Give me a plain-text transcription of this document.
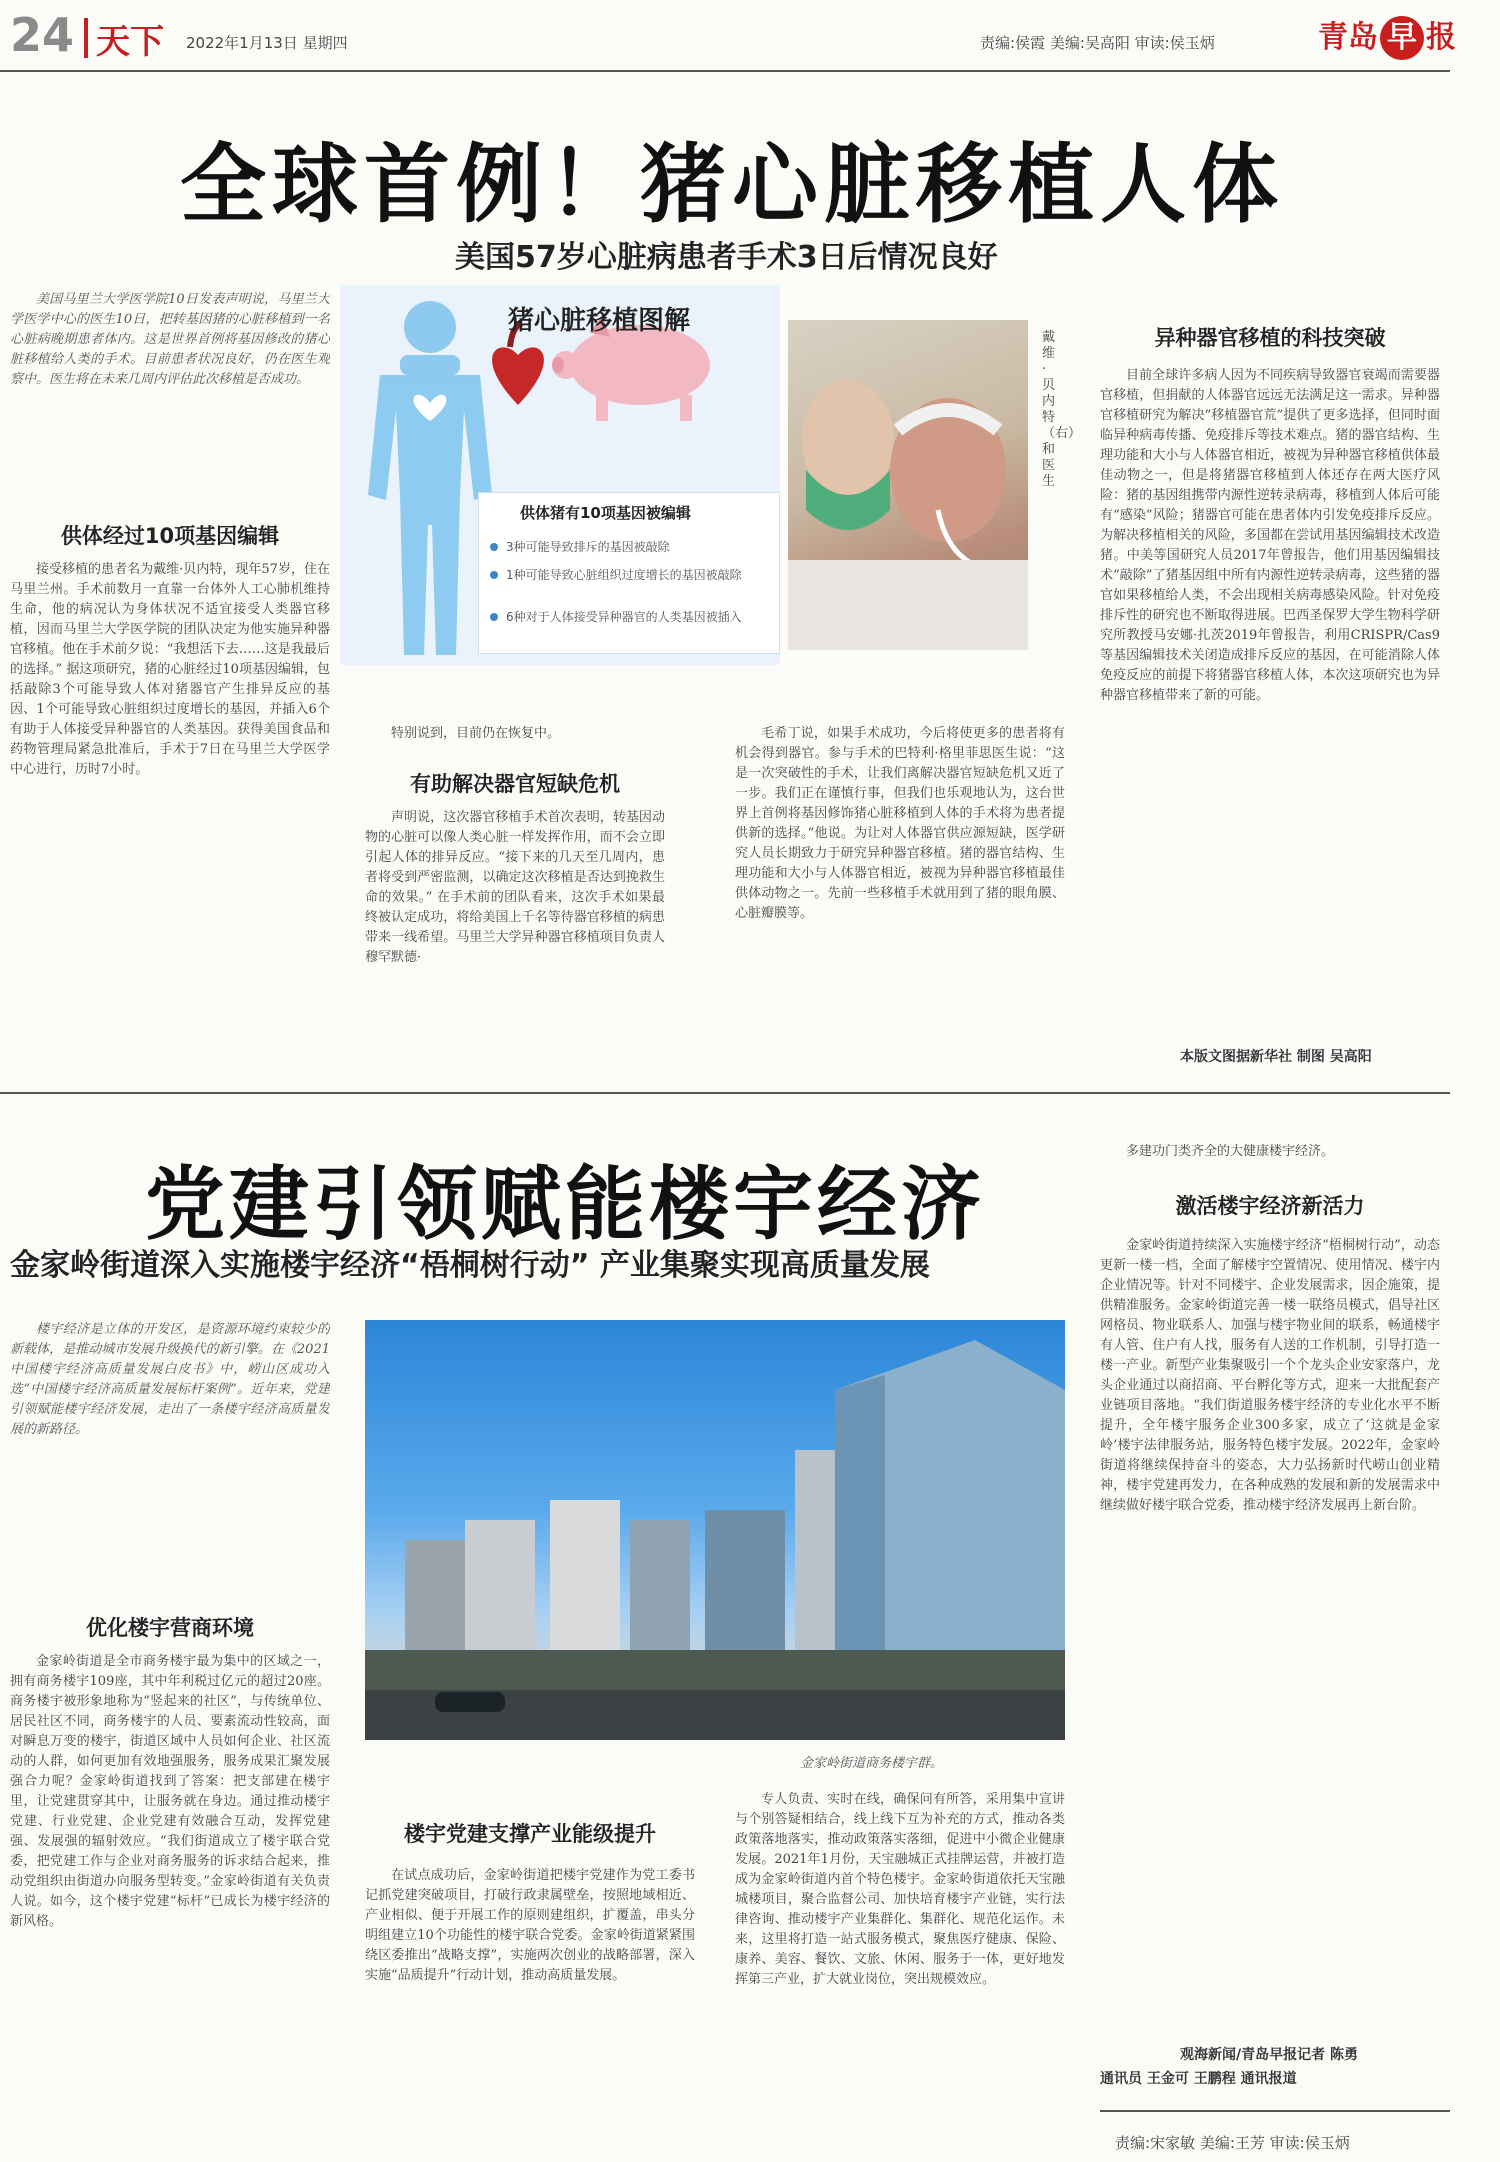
24 天下 2022年1月13日 星期四	责编:侯霞 美编:吴高阳 审读:侯玉炳	青岛 早 报
全球首例！猪心脏移植人体
美国57岁心脏病患者手术3日后情况良好

美国马里兰大学医学院10日发表声明说，马里兰大学医学中心的医生10日，把转基因猪的心脏移植到一名心脏病晚期患者体内。这是世界首例将基因修改的猪心脏移植给人类的手术。目前患者状况良好，仍在医生观察中。医生将在未来几周内评估此次移植是否成功。

供体经过10项基因编辑

接受移植的患者名为戴维·贝内特，现年57岁，住在马里兰州。手术前数月一直靠一台体外人工心肺机维持生命，他的病况认为身体状况不适宜接受人类器官移植，因而马里兰大学医学院的团队决定为他实施异种器官移植。他在手术前夕说：“我想活下去……这是我最后的选择。” 据这项研究，猪的心脏经过10项基因编辑，包括敲除3个可能导致人体对猪器官产生排异反应的基因、1个可能导致心脏组织过度增长的基因，并插入6个有助于人体接受异种器官的人类基因。获得美国食品和药物管理局紧急批准后，手术于7日在马里兰大学医学中心进行，历时7小时。

猪心脏移植图解
供体猪有10项基因被编辑
3种可能导致排斥的基因被敲除
1种可能导致心脏组织过度增长的基因被敲除
6种对于人体接受异种器官的人类基因被插入
戴维·贝内特（右）和医生

特别说到，目前仍在恢复中。

有助解决器官短缺危机

声明说，这次器官移植手术首次表明，转基因动物的心脏可以像人类心脏一样发挥作用，而不会立即引起人体的排异反应。“接下来的几天至几周内，患者将受到严密监测，以确定这次移植是否达到挽救生命的效果。” 在手术前的团队看来，这次手术如果最终被认定成功，将给美国上千名等待器官移植的病患带来一线希望。马里兰大学异种器官移植项目负责人穆罕默德·

毛希丁说，如果手术成功，今后将使更多的患者将有机会得到器官。参与手术的巴特利·格里菲思医生说：“这是一次突破性的手术，让我们离解决器官短缺危机又近了一步。我们正在谨慎行事，但我们也乐观地认为，这台世界上首例将基因修饰猪心脏移植到人体的手术将为患者提供新的选择。”他说。为让对人体器官供应源短缺，医学研究人员长期致力于研究异种器官移植。猪的器官结构、生理功能和大小与人体器官相近，被视为异种器官移植最佳供体动物之一。先前一些移植手术就用到了猪的眼角膜、心脏瓣膜等。

异种器官移植的科技突破

目前全球许多病人因为不同疾病导致器官衰竭而需要器官移植，但捐献的人体器官远远无法满足这一需求。异种器官移植研究为解决“移植器官荒”提供了更多选择，但同时面临异种病毒传播、免疫排斥等技术难点。猪的器官结构、生理功能和大小与人体器官相近，被视为异种器官移植供体最佳动物之一，但是将猪器官移植到人体还存在两大医疗风险：猪的基因组携带内源性逆转录病毒，移植到人体后可能有“感染”风险；猪器官可能在患者体内引发免疫排斥反应。为解决移植相关的风险，多国都在尝试用基因编辑技术改造猪。中美等国研究人员2017年曾报告，他们用基因编辑技术“敲除”了猪基因组中所有内源性逆转录病毒，这些猪的器官如果移植给人类，不会出现相关病毒感染风险。针对免疫排斥性的研究也不断取得进展。巴西圣保罗大学生物科学研究所教授马安娜·扎茨2019年曾报告，利用CRISPR/Cas9等基因编辑技术关闭造成排斥反应的基因，在可能消除人体免疫反应的前提下将猪器官移植人体，本次这项研究也为异种器官移植带来了新的可能。

本版文图据新华社 制图 吴高阳
党建引领赋能楼宇经济
金家岭街道深入实施楼宇经济“梧桐树行动” 产业集聚实现高质量发展

楼宇经济是立体的开发区，是资源环境约束较少的新载体，是推动城市发展升级换代的新引擎。在《2021中国楼宇经济高质量发展白皮书》中，崂山区成功入选“中国楼宇经济高质量发展标杆案例”。近年来，党建引领赋能楼宇经济发展，走出了一条楼宇经济高质量发展的新路径。

优化楼宇营商环境

金家岭街道是全市商务楼宇最为集中的区域之一，拥有商务楼宇109座，其中年利税过亿元的超过20座。商务楼宇被形象地称为“竖起来的社区”，与传统单位、居民社区不同，商务楼宇的人员、要素流动性较高，面对瞬息万变的楼宇，街道区域中人员如何企业、社区流动的人群，如何更加有效地强服务，服务成果汇聚发展强合力呢？金家岭街道找到了答案：把支部建在楼宇里，让党建贯穿其中，让服务就在身边。通过推动楼宇党建、行业党建、企业党建有效融合互动，发挥党建强、发展强的辐射效应。“我们街道成立了楼宇联合党委，把党建工作与企业对商务服务的诉求结合起来，推动党组织由街道办向服务型转变。”金家岭街道有关负责人说。如今，这个楼宇党建“标杆”已成长为楼宇经济的新风格。

金家岭街道商务楼宇群。
楼宇党建支撑产业能级提升

在试点成功后，金家岭街道把楼宇党建作为党工委书记抓党建突破项目，打破行政隶属壁垒，按照地域相近、产业相似、便于开展工作的原则建组织，扩覆盖，串头分明组建立10个功能性的楼宇联合党委。金家岭街道紧紧围绕区委推出“战略支撑”，实施两次创业的战略部署，深入实施“品质提升”行动计划，推动高质量发展。

专人负责、实时在线，确保问有所答，采用集中宣讲与个别答疑相结合，线上线下互为补充的方式，推动各类政策落地落实，推动政策落实落细，促进中小微企业健康发展。2021年1月份，天宝融城正式挂牌运营，并被打造成为金家岭街道内首个特色楼宇。金家岭街道依托天宝融城楼项目，聚合监督公司、加快培育楼宇产业链，实行法律咨询、推动楼宇产业集群化、集群化、规范化运作。未来，这里将打造一站式服务模式，聚焦医疗健康、保险、康养、美容、餐饮、文旅、休闲、服务于一体，更好地发挥第三产业，扩大就业岗位，突出规模效应。

多建功门类齐全的大健康楼宇经济。

激活楼宇经济新活力

金家岭街道持续深入实施楼宇经济“梧桐树行动”，动态更新一楼一档，全面了解楼宇空置情况、使用情况、楼宇内企业情况等。针对不同楼宇、企业发展需求，因企施策，提供精准服务。金家岭街道完善一楼一联络员模式，倡导社区网格员、物业联系人、加强与楼宇物业间的联系，畅通楼宇有人管、住户有人找，服务有人送的工作机制，引导打造一楼一产业。新型产业集聚吸引一个个龙头企业安家落户，龙头企业通过以商招商、平台孵化等方式，迎来一大批配套产业链项目落地。“我们街道服务楼宇经济的专业化水平不断提升，全年楼宇服务企业300多家，成立了‘这就是金家岭’楼宇法律服务站，服务特色楼宇发展。2022年，金家岭街道将继续保持奋斗的姿态，大力弘扬新时代崂山创业精神，楼宇党建再发力，在各种成熟的发展和新的发展需求中继续做好楼宇联合党委，推动楼宇经济发展再上新台阶。

观海新闻/青岛早报记者 陈勇
通讯员 王金可 王鹏程 通讯报道
责编:宋家敏 美编:王芳 审读:侯玉炳
